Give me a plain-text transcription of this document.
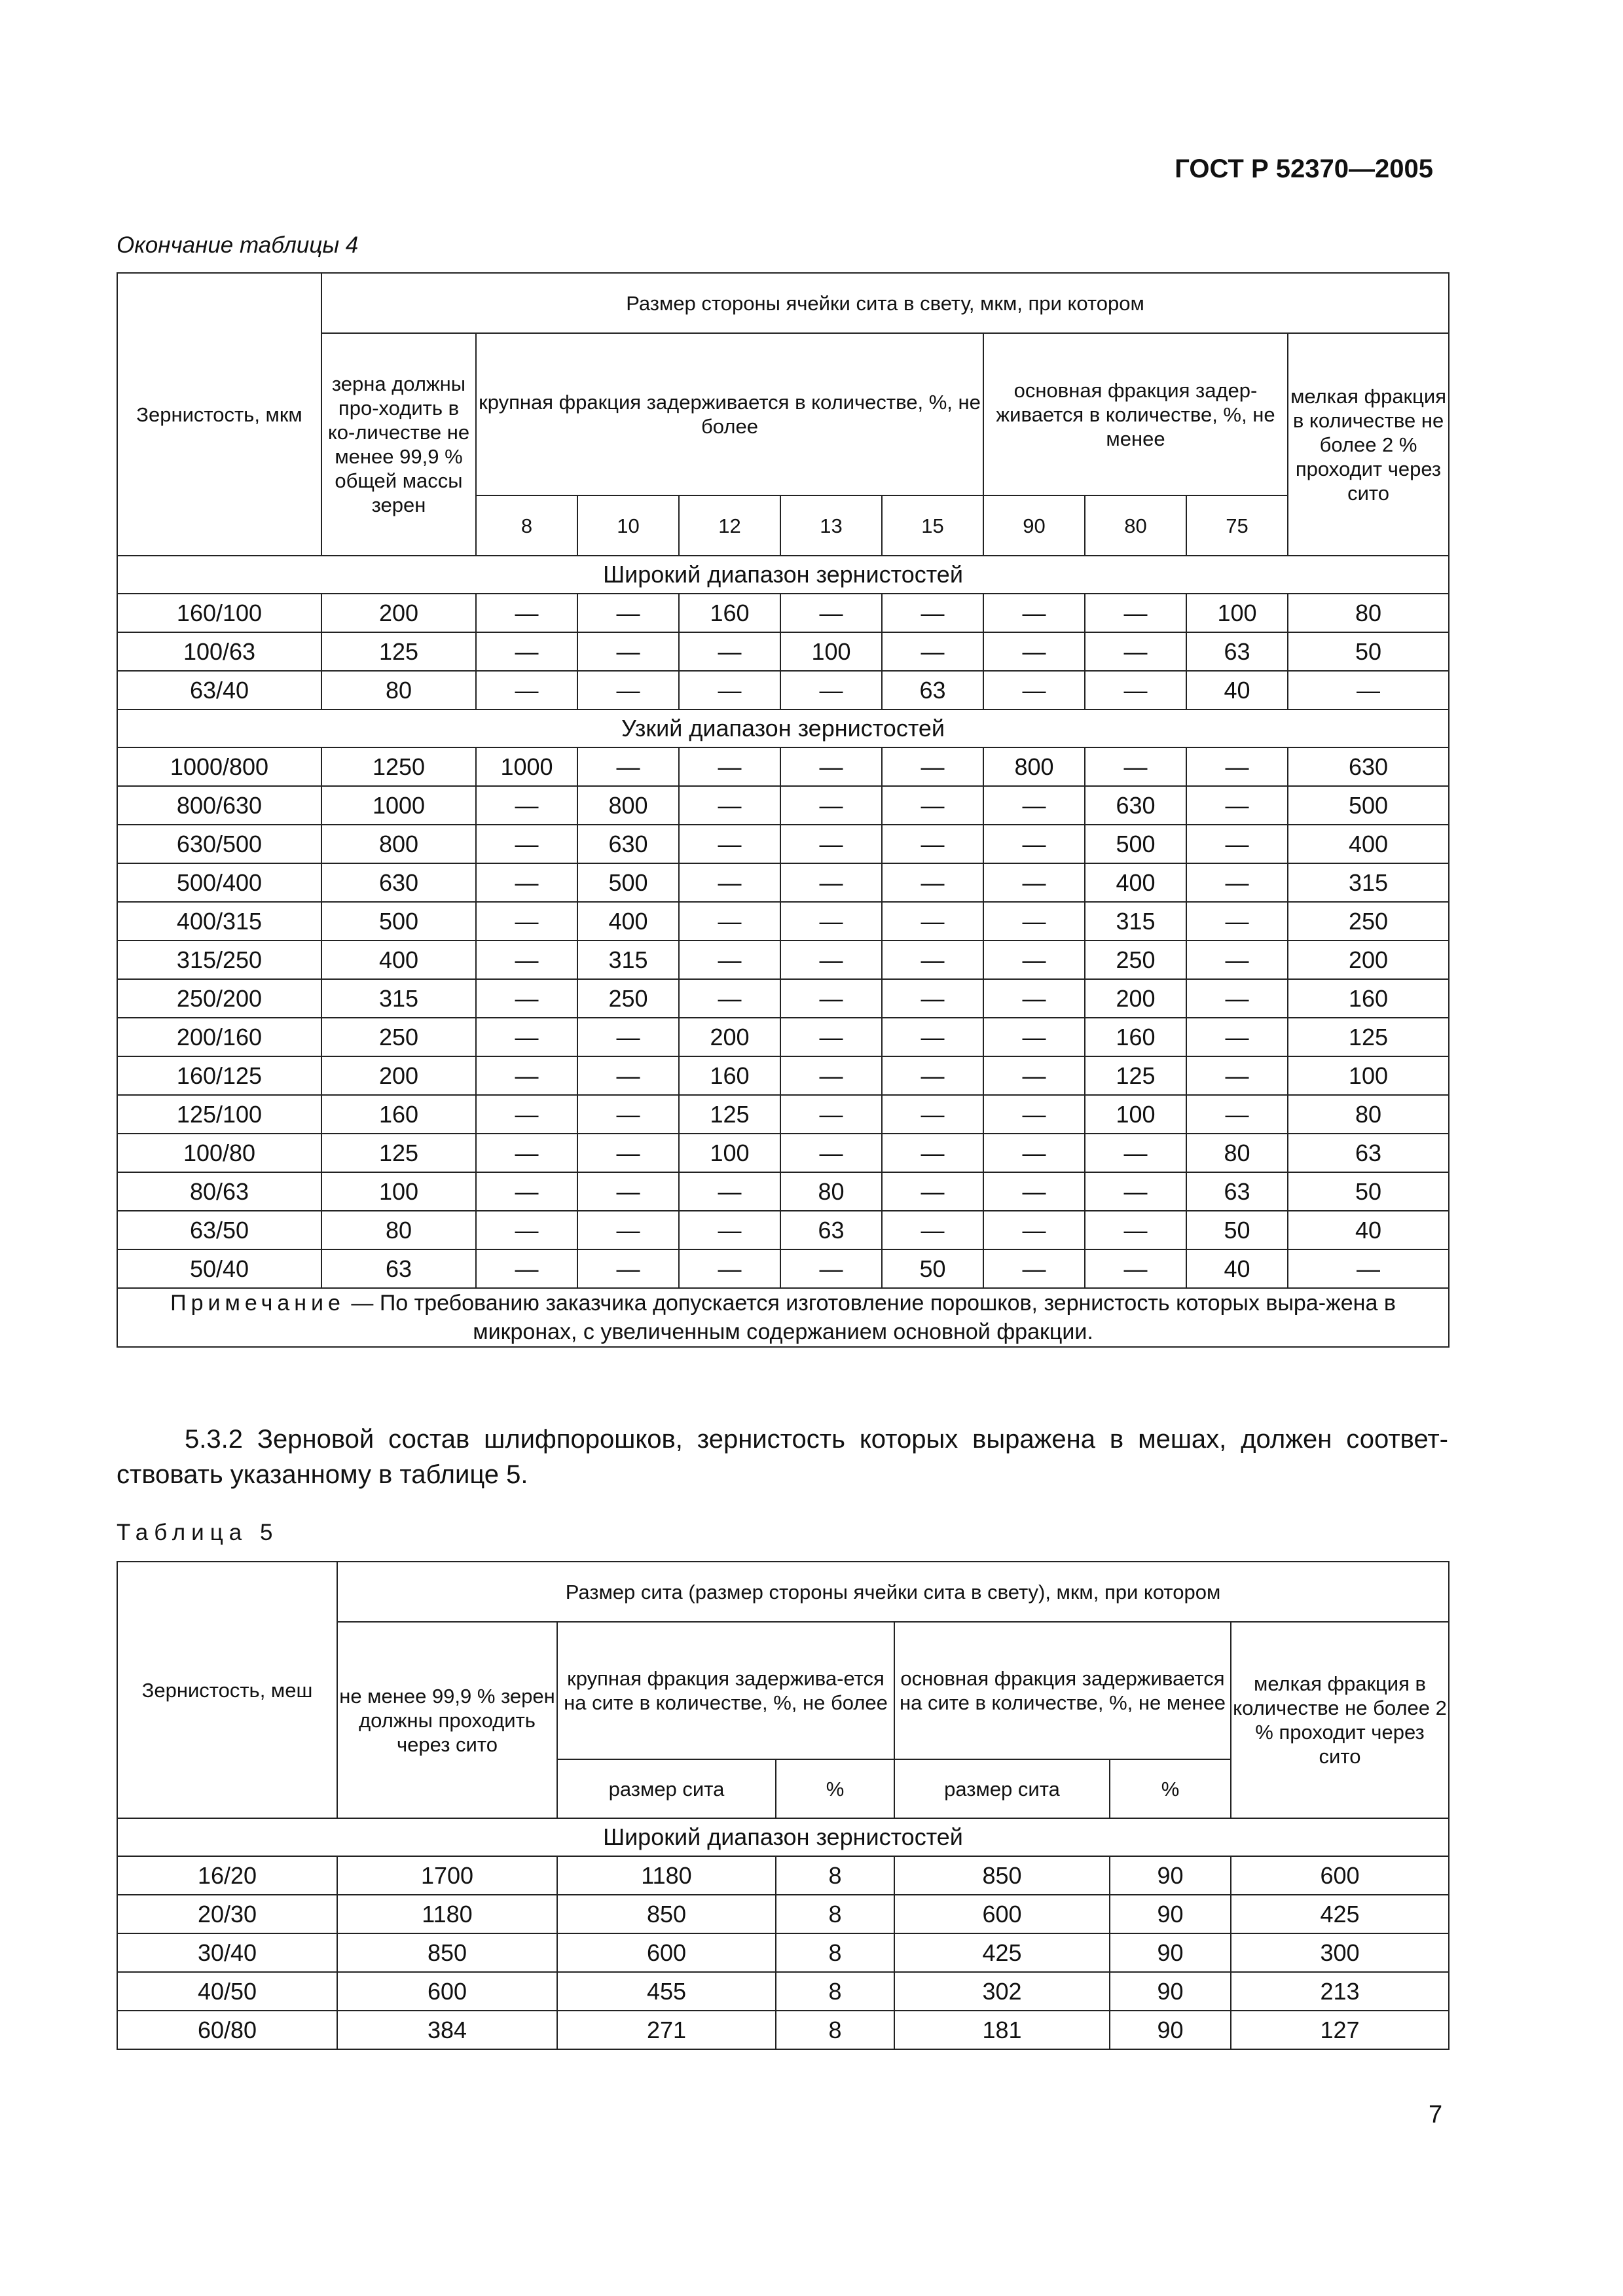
ГОСТ Р 52370—2005
Окончание таблицы 4
Зернистость, мкм	Размер стороны ячейки сита в свету, мкм, при котором									
	зерна должны про-ходить в ко-личестве не менее 99,9 % общей массы зерен	крупная фракция задерживается в количестве, %, не более					основная фракция задер-живается в количестве, %, не менее			мелкая фракция в количестве не более 2 % проходит через сито
		8	10	12	13	15	90	80	75	
Широкий диапазон зернистостей										
160/100	200	—	—	160	—	—	—	—	100	80
100/63	125	—	—	—	100	—	—	—	63	50
63/40	80	—	—	—	—	63	—	—	40	—
Узкий диапазон зернистостей										
1000/800	1250	1000	—	—	—	—	800	—	—	630
800/630	1000	—	800	—	—	—	—	630	—	500
630/500	800	—	630	—	—	—	—	500	—	400
500/400	630	—	500	—	—	—	—	400	—	315
400/315	500	—	400	—	—	—	—	315	—	250
315/250	400	—	315	—	—	—	—	250	—	200
250/200	315	—	250	—	—	—	—	200	—	160
200/160	250	—	—	200	—	—	—	160	—	125
160/125	200	—	—	160	—	—	—	125	—	100
125/100	160	—	—	125	—	—	—	100	—	80
100/80	125	—	—	100	—	—	—	—	80	63
80/63	100	—	—	—	80	—	—	—	63	50
63/50	80	—	—	—	63	—	—	—	50	40
50/40	63	—	—	—	—	50	—	—	40	—
Примечание — По требованию заказчика допускается изготовление порошков, зернистость которых выра-жена в микронах, с увеличенным содержанием основной фракции.										
5.3.2 Зерновой состав шлифпорошков, зернистость которых выражена в мешах, должен соответ-ствовать указанному в таблице 5.
Таблица 5
Зернистость, меш	Размер сита (размер стороны ячейки сита в свету), мкм, при котором					
	не менее 99,9 % зерен должны проходить через сито	крупная фракция задержива-ется на сите в количестве, %, не более		основная фракция задерживается на сите в количестве, %, не менее		мелкая фракция в количестве не более 2 % проходит через сито
		размер сита	%	размер сита	%	
Широкий диапазон зернистостей						
16/20	1700	1180	8	850	90	600
20/30	1180	850	8	600	90	425
30/40	850	600	8	425	90	300
40/50	600	455	8	302	90	213
60/80	384	271	8	181	90	127
7
